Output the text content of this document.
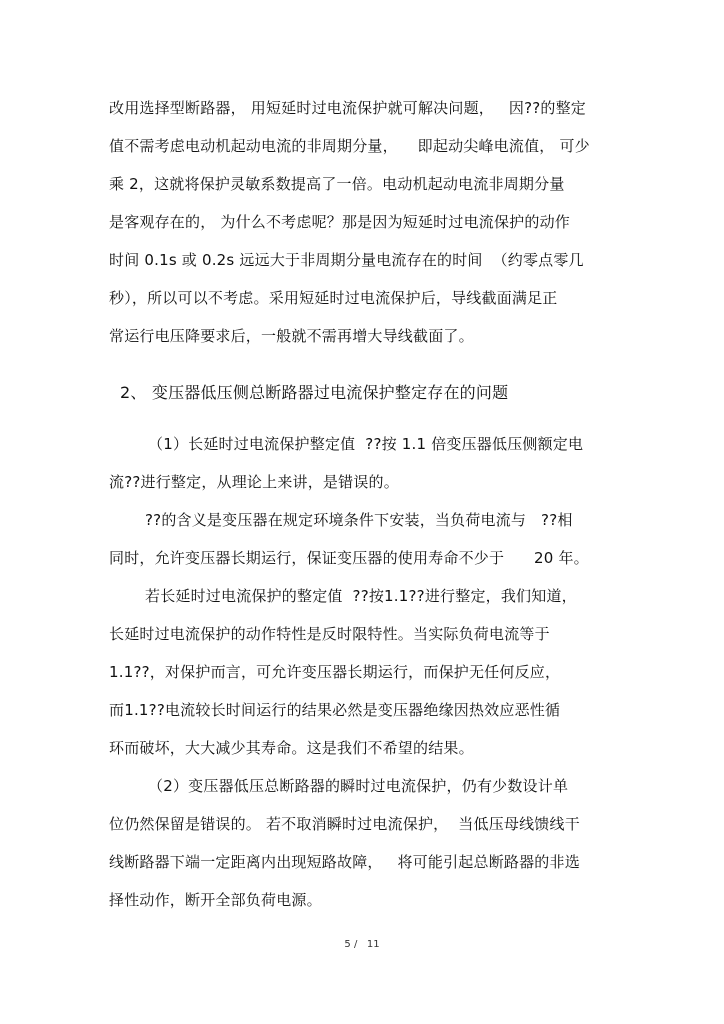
改用选择型断路器， 用短延时过电流保护就可解决问题，   因??的整定
值不需考虑电动机起动电流的非周期分量，    即起动尖峰电流值， 可少
乘 2，这就将保护灵敏系数提高了一倍。电动机起动电流非周期分量
是客观存在的， 为什么不考虑呢？那是因为短延时过电流保护的动作
时间 0.1s 或 0.2s 远远大于非周期分量电流存在的时间  （约零点零几
秒），所以可以不考虑。采用短延时过电流保护后，导线截面满足正
常运行电压降要求后，一般就不需再增大导线截面了。
2、 变压器低压侧总断路器过电流保护整定存在的问题
（1）长延时过电流保护整定值  ??按 1.1 倍变压器低压侧额定电
流??进行整定，从理论上来讲，是错误的。
??的含义是变压器在规定环境条件下安装，当负荷电流与   ??相
同时，允许变压器长期运行，保证变压器的使用寿命不少于      20 年。
若长延时过电流保护的整定值  ??按1.1??进行整定，我们知道，
长延时过电流保护的动作特性是反时限特性。当实际负荷电流等于
1.1??，对保护而言，可允许变压器长期运行，而保护无任何反应，
而1.1??电流较长时间运行的结果必然是变压器绝缘因热效应恶性循
环而破坏，大大减少其寿命。这是我们不希望的结果。
（2）变压器低压总断路器的瞬时过电流保护，仍有少数设计单
位仍然保留是错误的。 若不取消瞬时过电流保护，  当低压母线馈线干
线断路器下端一定距离内出现短路故障，   将可能引起总断路器的非选
择性动作，断开全部负荷电源。
5 /   11
